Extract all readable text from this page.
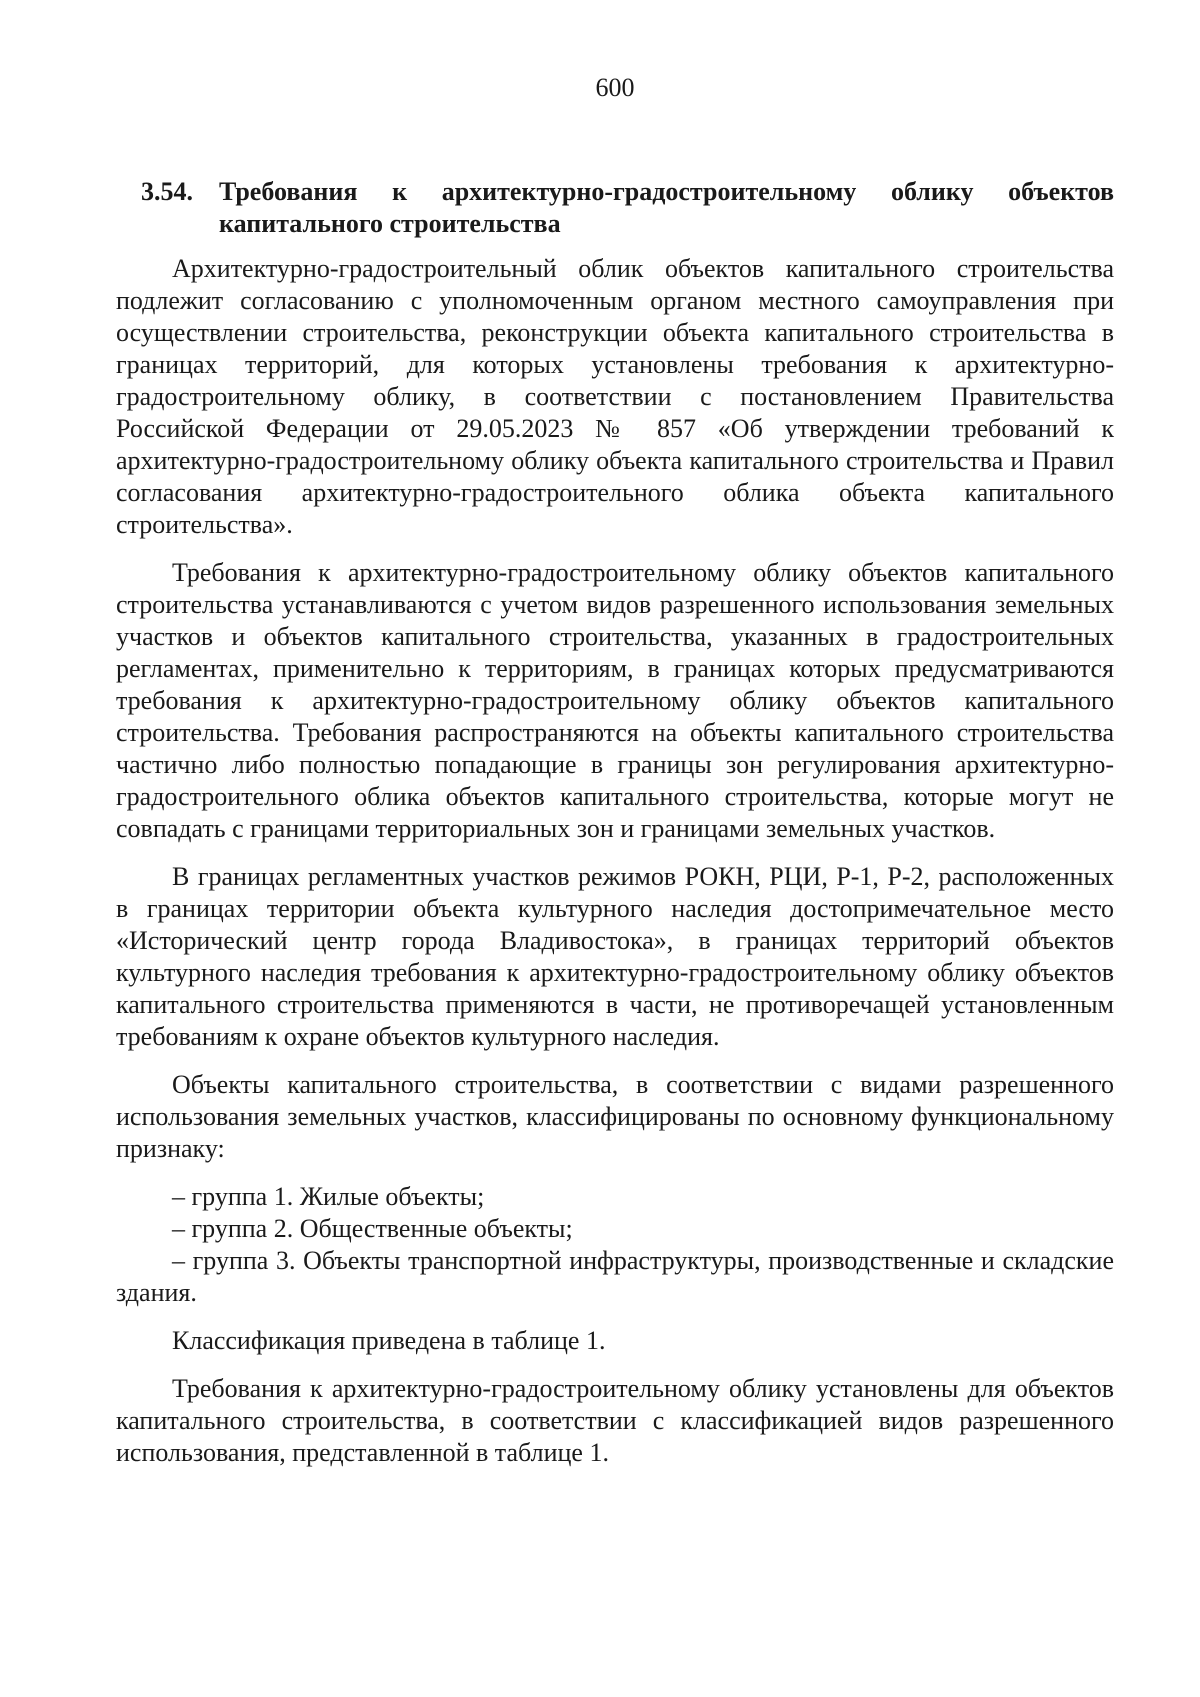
600
3.54.	Требования к архитектурно-градостроительному облику объектов капитального строительства

Архитектурно-градостроительный облик объектов капитального строительства подлежит согласованию с уполномоченным органом местного самоуправления при осуществлении строительства, реконструкции объекта капитального строительства в границах территорий, для которых установлены требования к архитектурно-градостроительному облику, в соответствии с постановлением Правительства Российской Федерации от 29.05.2023 № 857 «Об утверждении требований к архитектурно-градостроительному облику объекта капитального строительства и Правил согласования архитектурно-градостроительного облика объекта капитального строительства».

Требования к архитектурно-градостроительному облику объектов капитального строительства устанавливаются с учетом видов разрешенного использования земельных участков и объектов капитального строительства, указанных в градостроительных регламентах, применительно к территориям, в границах которых предусматриваются требования к архитектурно-градостроительному облику объектов капитального строительства. Требования распространяются на объекты капитального строительства частично либо полностью попадающие в границы зон регулирования архитектурно-градостроительного облика объектов капитального строительства, которые могут не совпадать с границами территориальных зон и границами земельных участков.

В границах регламентных участков режимов РОКН, РЦИ, Р-1, Р-2, расположенных в границах территории объекта культурного наследия достопримечательное место «Исторический центр города Владивостока», в границах территорий объектов культурного наследия требования к архитектурно-градостроительному облику объектов капитального строительства применяются в части, не противоречащей установленным требованиям к охране объектов культурного наследия.

Объекты капитального строительства, в соответствии с видами разрешенного использования земельных участков, классифицированы по основному функциональному признаку:

– группа 1. Жилые объекты;

– группа 2. Общественные объекты;

– группа 3. Объекты транспортной инфраструктуры, производственные и складские здания.

Классификация приведена в таблице 1.

Требования к архитектурно-градостроительному облику установлены для объектов капитального строительства, в соответствии с классификацией видов разрешенного использования, представленной в таблице 1.
